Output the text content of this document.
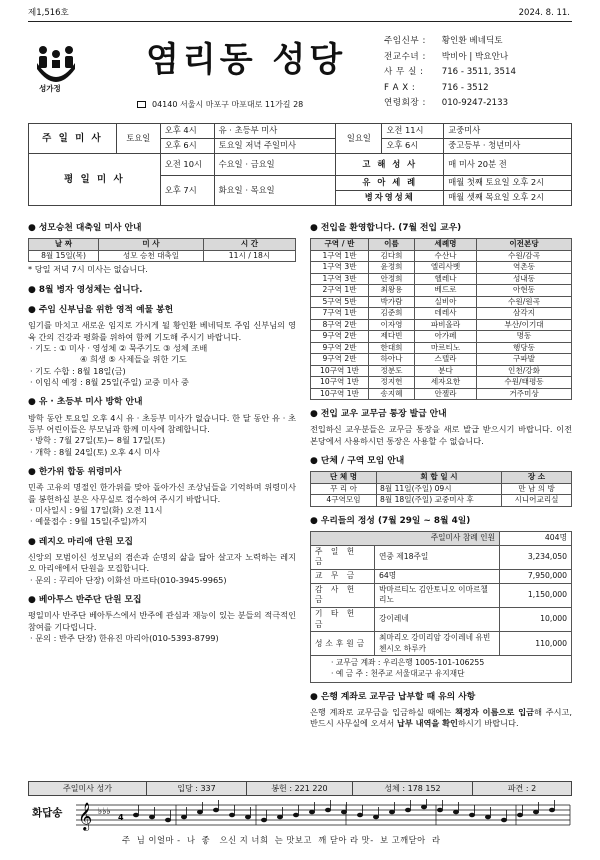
제1,516호	2024. 8. 11.
성가정
염리동 성당
04140 서울시 마포구 마포대로 11가길 28
주임신부 : 황인환 베네딕토
전교수녀 : 박비아 | 박요안나
사 무 실 : 716 - 3511, 3514
F A X :	716 - 3512
연령회장 : 010-9247-2133
주 일 미 사	토요일	오후 4시	유 · 초등부 미사	일요일	오전 11시	교중미사
		오후 6시	토요일 저녁 주일미사		오후 6시	중고등부 · 청년미사
평 일 미 사		오전 10시	수요일 · 금요일	고 해 성 사		매 미사 20분 전
		오후 7시	화요일 · 목요일	유 아 세 례		매월 첫째 토요일 오후 2시
				병자영성체		매월 셋째 목요일 오후 2시
● 성모승천 대축일 미사 안내
날 짜	미 사	시 간
8월 15일(목)	성모 승천 대축일	11시 / 18시
* 당일 저녁 7시 미사는 없습니다.
● 8월 병자 영성체는 쉽니다.
● 주임 신부님을 위한 영적 예물 봉헌
임기를 마치고 새로운 임지로 가시게 될 황인환 베네딕토 주임 신부님의 영육 간의 건강과 평화를 위하여 함께 기도해 주시기 바랍니다.
· 기도 : ① 미사 · 영성체 ② 묵주기도 ③ 성체 조배
④ 희생 ⑤ 사제들을 위한 기도
· 기도 수합 : 8월 18일(금)
· 이임식 예정 : 8월 25일(주일) 교중 미사 중
● 유 · 초등부 미사 방학 안내
방학 동안 토요일 오후 4시 유 · 초등부 미사가 없습니다. 한 달 동안 유 · 초등부 어린이들은 부모님과 함께 미사에 참례합니다.
· 방학 : 7월 27일(토)~ 8월 17일(토)
· 개학 : 8월 24일(토) 오후 4시 미사
● 한가위 합동 위령미사
민족 고유의 명절인 한가위를 맞아 돌아가신 조상님들을 기억하며 위령미사를 봉헌하실 분은 사무실로 접수하여 주시기 바랍니다.
· 미사일시 : 9월 17일(화) 오전 11시
· 예물접수 : 9월 15일(주일)까지
● 레지오 마리애 단원 모집
신앙의 모범이신 성모님의 겸손과 순명의 삶을 닮아 살고자 노력하는 레지오 마리애에서 단원을 모집합니다.
· 문의 : 꾸리아 단장) 이화선 마르타(010-3945-9965)
● 베아투스 반주단 단원 모집
평일미사 반주단 베아투스에서 반주에 관심과 재능이 있는 분들의 적극적인 참여를 기다립니다.
· 문의 : 반주 단장) 한유진 마리아(010-5393-8799)
● 전입을 환영합니다. (7월 전입 교우)
구역 / 반	이름	세례명	이전본당
1구역 1반	김다희	수산나	수원/감곡
1구역 3반	윤정희	엘리사벳	역촌동
1구역 3반	안정희	헬레나	성내동
2구역 1반	최왕용	베드로	아현동
5구역 5반	박가람	실비아	수원/원곡
7구역 1반	김준희	데레사	삼각지
8구역 2반	이자영	파비올라	부산/이기대
9구역 2반	제다빈	아가페	명동
9구역 2반	한대희	마르티노	행당동
9구역 2반	하아나	스텔라	구파발
10구역 1반	정분도	분다	인천/강화
10구역 1반	정지헌	세자요한	수원/태평동
10구역 1반	송지혜	안젤라	거주미상
● 전입 교우 교무금 통장 발급 안내
전입하신 교우분들은 교무금 통장을 새로 발급 받으시기 바랍니다. 이전 본당에서 사용하시던 통장은 사용할 수 없습니다.
● 단체 / 구역 모임 안내
단 체 명	회 합 일 시	장 소
꾸 리 아	8월 11일(주일) 09시	만 남 의 방
4구역모임	8월 18일(주일) 교중미사 후	시니어교리실
● 우리들의 정성 (7월 29일 ~ 8월 4일)
주일미사 참례 인원		404명
주 일 헌 금	연중 제18주일	3,234,050
교 무 금	64명	7,950,000
감 사 헌 금	박마르티노 김안토니오 이마르첼리노	1,150,000
기 타 헌 금	강이레네	10,000
성소후원금	최마리오 강미리암 강이레네 유빈첸시오 하루카	110,000

· 교무금 계좌 : 우리은행 1005-101-106255
· 예 금 주 : 천주교 서울대교구 유지재단		
● 은행 계좌로 교무금 납부할 때 유의 사항
은행 계좌로 교무금을 입금하실 때에는 책정자 이름으로 입금해 주시고, 반드시 사무실에 오셔서 납부 내역을 확인하시기 바랍니다.
주일미사 성가	입당 : 337	봉헌 : 221 220	성체 : 178 152	파견 : 2
화답송 𝄞 ♭♭♭
4
주  님 이얼마 -  나  좋   으신 지 너희  는 맛보고  깨 닫아 라 맛-  보 고깨닫아  라
